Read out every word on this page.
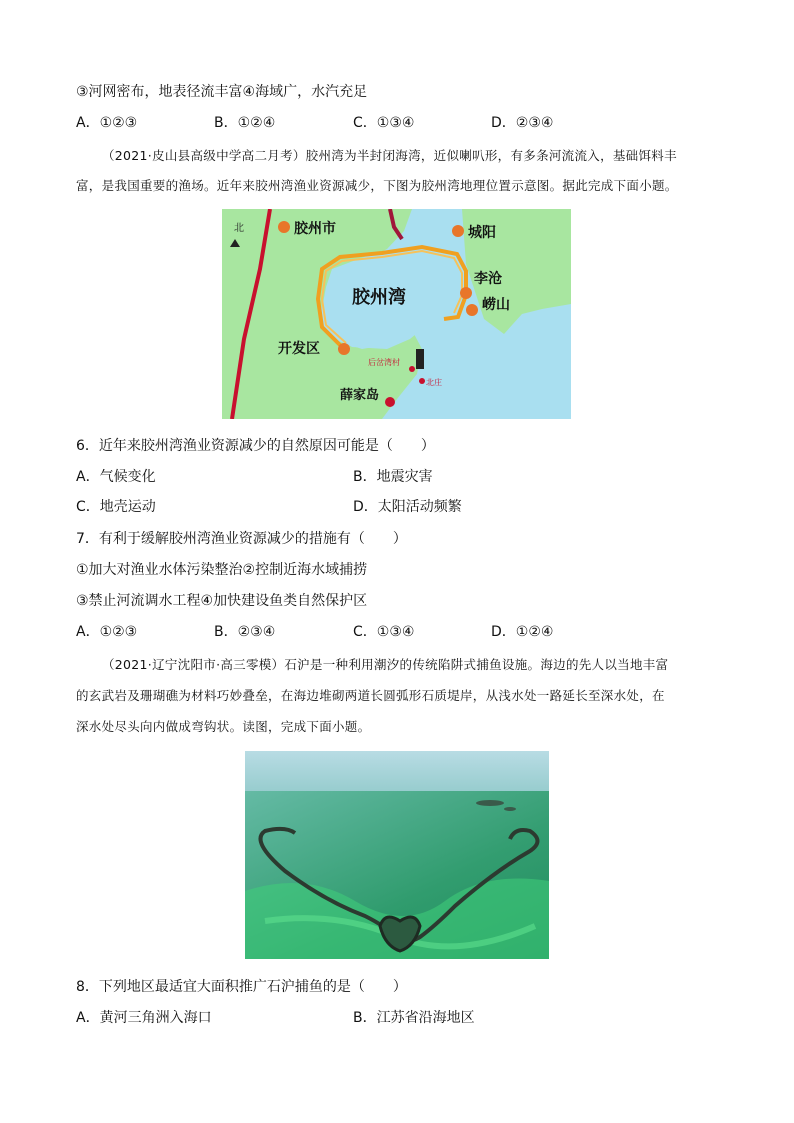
③河网密布，地表径流丰富④海域广，水汽充足
A．①②③	B．①②④	C．①③④	D．②③④
（2021·皮山县高级中学高二月考）胶州湾为半封闭海湾，近似喇叭形，有多条河流流入，基础饵料丰
富，是我国重要的渔场。近年来胶州湾渔业资源减少，下图为胶州湾地理位置示意图。据此完成下面小题。
北	胶州市	城阳
李沧
崂山
胶州湾
开发区
薛家岛
后岔湾村
北庄
6．近年来胶州湾渔业资源减少的自然原因可能是（　　）
A．气候变化	B．地震灾害
C．地壳运动	D．太阳活动频繁
7．有利于缓解胶州湾渔业资源减少的措施有（　　）
①加大对渔业水体污染整治②控制近海水域捕捞
③禁止河流调水工程④加快建设鱼类自然保护区
A．①②③	B．②③④	C．①③④	D．①②④
（2021·辽宁沈阳市·高三零模）石沪是一种利用潮汐的传统陷阱式捕鱼设施。海边的先人以当地丰富
的玄武岩及珊瑚礁为材料巧妙叠垒，在海边堆砌两道长圆弧形石质堤岸，从浅水处一路延长至深水处，在
深水处尽头向内做成弯钩状。读图，完成下面小题。
8．下列地区最适宜大面积推广石沪捕鱼的是（　　）
A．黄河三角洲入海口	B．江苏省沿海地区
